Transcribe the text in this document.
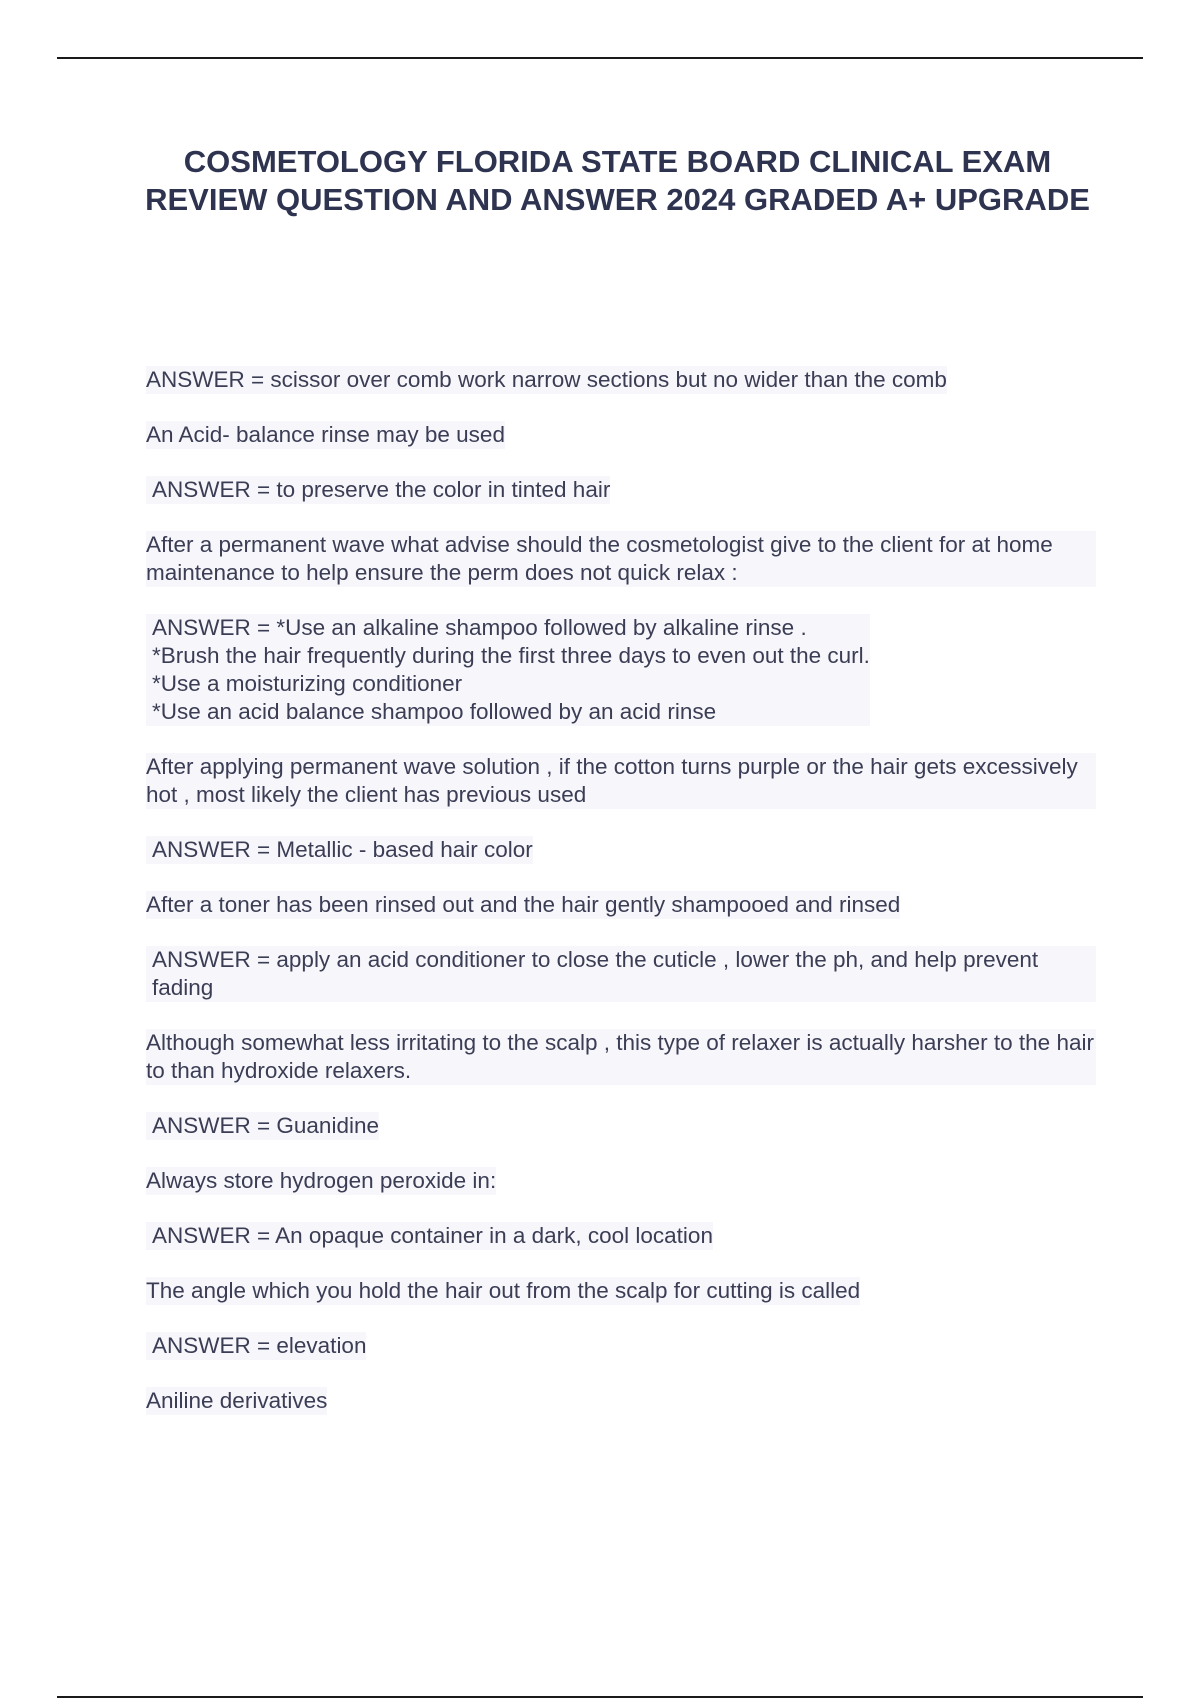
COSMETOLOGY FLORIDA STATE BOARD CLINICAL EXAM REVIEW QUESTION AND ANSWER 2024 GRADED A+ UPGRADE

ANSWER = scissor over comb work narrow sections but no wider than the comb

An Acid- balance rinse may be used

ANSWER = to preserve the color in tinted hair

After a permanent wave what advise should the cosmetologist give to the client for at home maintenance to help ensure the perm does not quick relax :

ANSWER = *Use an alkaline shampoo followed by alkaline rinse .
*Brush the hair frequently during the first three days to even out the curl.
*Use a moisturizing conditioner
*Use an acid balance shampoo followed by an acid rinse

After applying permanent wave solution , if the cotton turns purple or the hair gets excessively hot , most likely the client has previous used

ANSWER = Metallic - based hair color

After a toner has been rinsed out and the hair gently shampooed and rinsed

ANSWER = apply an acid conditioner to close the cuticle , lower the ph, and help prevent fading

Although somewhat less irritating to the scalp , this type of relaxer is actually harsher to the hair to than hydroxide relaxers.

ANSWER = Guanidine

Always store hydrogen peroxide in:

ANSWER = An opaque container in a dark, cool location

The angle which you hold the hair out from the scalp for cutting is called

ANSWER = elevation

Aniline derivatives
